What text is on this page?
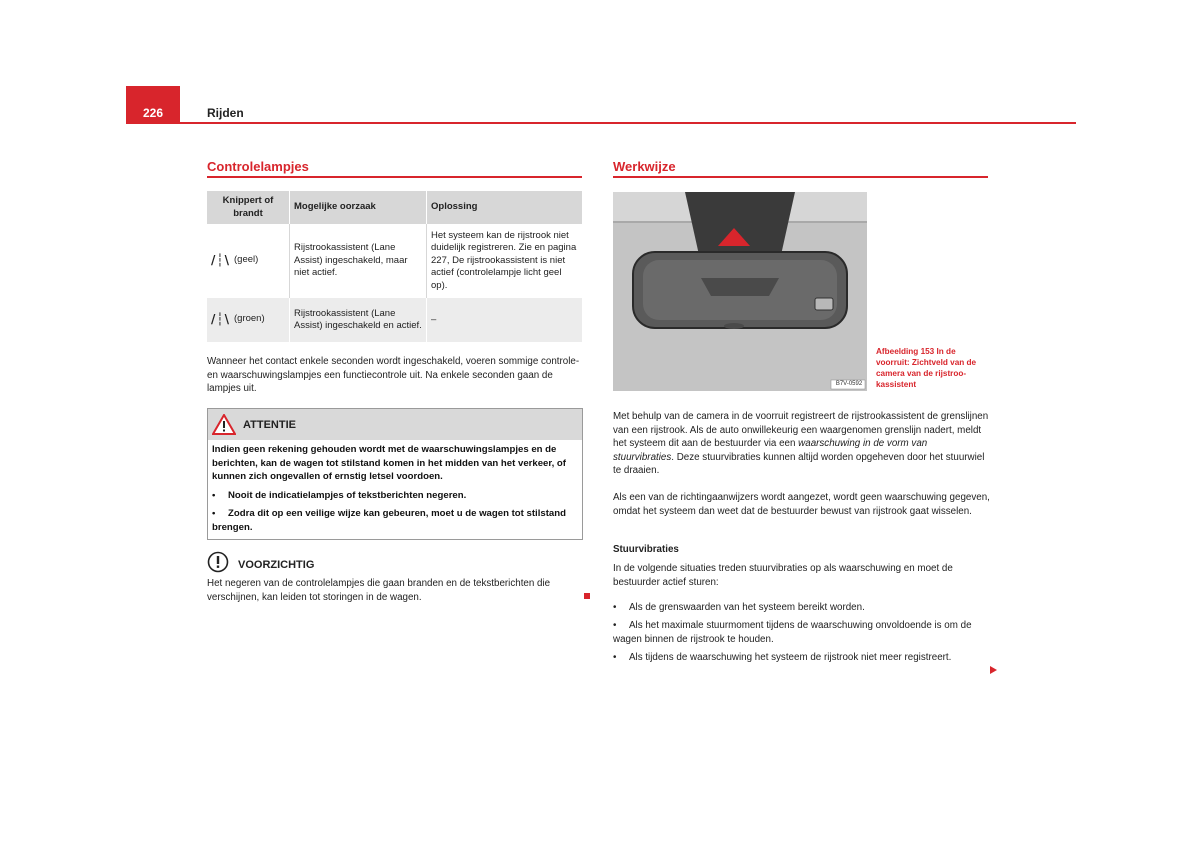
226	Rijden
Controlelampjes
Knippert of brandt	Mogelijke oorzaak	Oplossing

/┆\ (geel)	Rijstrookassistent (Lane Assist) ingeschakeld, maar niet actief.	Het systeem kan de rijstrook niet duidelijk registreren. Zie en pagina 227, De rijstrookassistent is niet actief (controlelampje licht geel op).

/┆\ (groen)	Rijstrookassistent (Lane Assist) ingeschakeld en actief.	–
Wanneer het contact enkele seconden wordt ingeschakeld, voeren sommige controle- en waarschuwingslampjes een functiecontrole uit. Na enkele seconden gaan de lampjes uit.
ATTENTIE
Indien geen rekening gehouden wordt met de waarschuwingslampjes en de berichten, kan de wagen tot stilstand komen in het midden van het verkeer, of kunnen zich ongevallen of ernstig letsel voordoen.
• Nooit de indicatielampjes of tekstberichten negeren.
• Zodra dit op een veilige wijze kan gebeuren, moet u de wagen tot stilstand brengen.
VOORZICHTIG
Het negeren van de controlelampjes die gaan branden en de tekstberichten die verschijnen, kan leiden tot storingen in de wagen.
Werkwijze
B7V-0592
Afbeelding 153 In de voorruit: Zichtveld van de camera van de rijstrookassistent
Met behulp van de camera in de voorruit registreert de rijstrookassistent de grenslijnen van een rijstrook. Als de auto onwillekeurig een waargenomen grenslijn nadert, meldt het systeem dit aan de bestuurder via een waarschuwing in de vorm van stuurvibraties. Deze stuurvibraties kunnen altijd worden opgeheven door het stuurwiel te draaien.
Als een van de richtingaanwijzers wordt aangezet, wordt geen waarschuwing gegeven, omdat het systeem dan weet dat de bestuurder bewust van rijstrook gaat wisselen.
Stuurvibraties
In de volgende situaties treden stuurvibraties op als waarschuwing en moet de bestuurder actief sturen:
• Als de grenswaarden van het systeem bereikt worden.
• Als het maximale stuurmoment tijdens de waarschuwing onvoldoende is om de wagen binnen de rijstrook te houden.
• Als tijdens de waarschuwing het systeem de rijstrook niet meer registreert.
